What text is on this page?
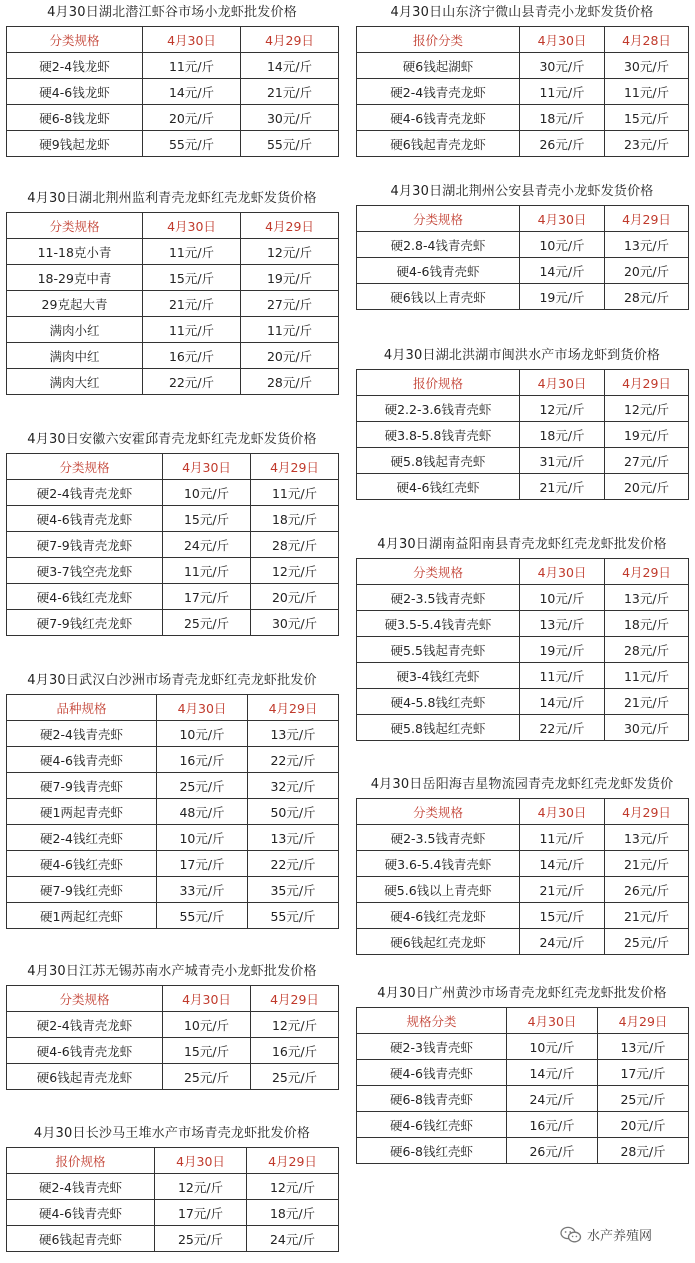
4月30日湖北潜江虾谷市场小龙虾批发价格
分类规格	4月30日	4月29日
硬2-4钱龙虾	11元/斤	14元/斤
硬4-6钱龙虾	14元/斤	21元/斤
硬6-8钱龙虾	20元/斤	30元/斤
硬9钱起龙虾	55元/斤	55元/斤
4月30日湖北荆州监利青壳龙虾红壳龙虾发货价格
分类规格	4月30日	4月29日
11-18克小青	11元/斤	12元/斤
18-29克中青	15元/斤	19元/斤
29克起大青	21元/斤	27元/斤
满肉小红	11元/斤	11元/斤
满肉中红	16元/斤	20元/斤
满肉大红	22元/斤	28元/斤
4月30日安徽六安霍邱青壳龙虾红壳龙虾发货价格
分类规格	4月30日	4月29日
硬2-4钱青壳龙虾	10元/斤	11元/斤
硬4-6钱青壳龙虾	15元/斤	18元/斤
硬7-9钱青壳龙虾	24元/斤	28元/斤
硬3-7钱空壳龙虾	11元/斤	12元/斤
硬4-6钱红壳龙虾	17元/斤	20元/斤
硬7-9钱红壳龙虾	25元/斤	30元/斤
4月30日武汉白沙洲市场青壳龙虾红壳龙虾批发价
品种规格	4月30日	4月29日
硬2-4钱青壳虾	10元/斤	13元/斤
硬4-6钱青壳虾	16元/斤	22元/斤
硬7-9钱青壳虾	25元/斤	32元/斤
硬1两起青壳虾	48元/斤	50元/斤
硬2-4钱红壳虾	10元/斤	13元/斤
硬4-6钱红壳虾	17元/斤	22元/斤
硬7-9钱红壳虾	33元/斤	35元/斤
硬1两起红壳虾	55元/斤	55元/斤
4月30日江苏无锡苏南水产城青壳小龙虾批发价格
分类规格	4月30日	4月29日
硬2-4钱青壳龙虾	10元/斤	12元/斤
硬4-6钱青壳龙虾	15元/斤	16元/斤
硬6钱起青壳龙虾	25元/斤	25元/斤
4月30日长沙马王堆水产市场青壳龙虾批发价格
报价规格	4月30日	4月29日
硬2-4钱青壳虾	12元/斤	12元/斤
硬4-6钱青壳虾	17元/斤	18元/斤
硬6钱起青壳虾	25元/斤	24元/斤
4月30日山东济宁微山县青壳小龙虾发货价格
报价分类	4月30日	4月28日
硬6钱起湖虾	30元/斤	30元/斤
硬2-4钱青壳龙虾	11元/斤	11元/斤
硬4-6钱青壳龙虾	18元/斤	15元/斤
硬6钱起青壳龙虾	26元/斤	23元/斤
4月30日湖北荆州公安县青壳小龙虾发货价格
分类规格	4月30日	4月29日
硬2.8-4钱青壳虾	10元/斤	13元/斤
硬4-6钱青壳虾	14元/斤	20元/斤
硬6钱以上青壳虾	19元/斤	28元/斤
4月30日湖北洪湖市闽洪水产市场龙虾到货价格
报价规格	4月30日	4月29日
硬2.2-3.6钱青壳虾	12元/斤	12元/斤
硬3.8-5.8钱青壳虾	18元/斤	19元/斤
硬5.8钱起青壳虾	31元/斤	27元/斤
硬4-6钱红壳虾	21元/斤	20元/斤
4月30日湖南益阳南县青壳龙虾红壳龙虾批发价格
分类规格	4月30日	4月29日
硬2-3.5钱青壳虾	10元/斤	13元/斤
硬3.5-5.4钱青壳虾	13元/斤	18元/斤
硬5.5钱起青壳虾	19元/斤	28元/斤
硬3-4钱红壳虾	11元/斤	11元/斤
硬4-5.8钱红壳虾	14元/斤	21元/斤
硬5.8钱起红壳虾	22元/斤	30元/斤
4月30日岳阳海吉星物流园青壳龙虾红壳龙虾发货价
分类规格	4月30日	4月29日
硬2-3.5钱青壳虾	11元/斤	13元/斤
硬3.6-5.4钱青壳虾	14元/斤	21元/斤
硬5.6钱以上青壳虾	21元/斤	26元/斤
硬4-6钱红壳龙虾	15元/斤	21元/斤
硬6钱起红壳龙虾	24元/斤	25元/斤
4月30日广州黄沙市场青壳龙虾红壳龙虾批发价格
规格分类	4月30日	4月29日
硬2-3钱青壳虾	10元/斤	13元/斤
硬4-6钱青壳虾	14元/斤	17元/斤
硬6-8钱青壳虾	24元/斤	25元/斤
硬4-6钱红壳虾	16元/斤	20元/斤
硬6-8钱红壳虾	26元/斤	28元/斤
水产养殖网
